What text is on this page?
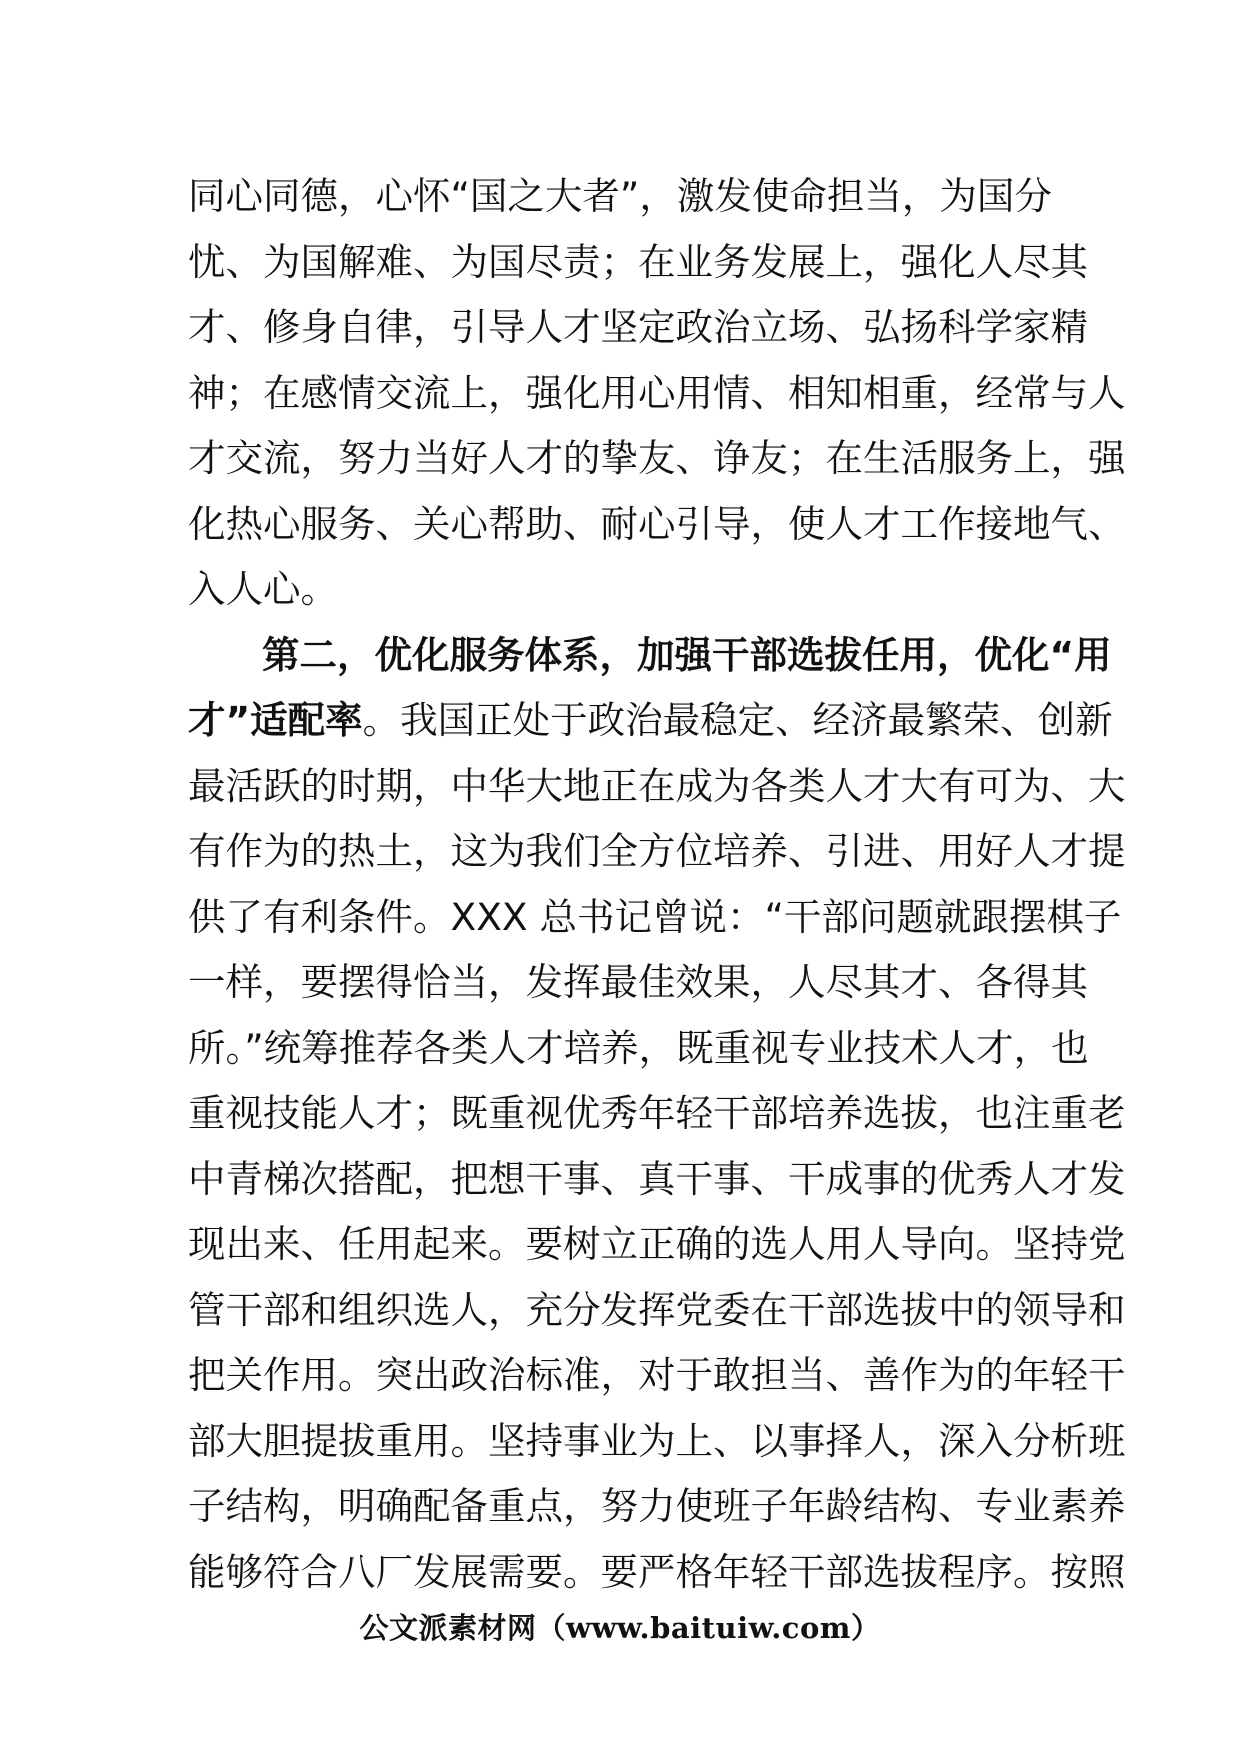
同心同德，心怀“国之大者”，激发使命担当，为国分
忧、为国解难、为国尽责；在业务发展上，强化人尽其
才、修身自律，引导人才坚定政治立场、弘扬科学家精
神；在感情交流上，强化用心用情、相知相重，经常与人
才交流，努力当好人才的挚友、诤友；在生活服务上，强
化热心服务、关心帮助、耐心引导，使人才工作接地气、
入人心。
第二，优化服务体系，加强干部选拔任用，优化“用
才”适配率。我国正处于政治最稳定、经济最繁荣、创新
最活跃的时期，中华大地正在成为各类人才大有可为、大
有作为的热土，这为我们全方位培养、引进、用好人才提
供了有利条件。XXX 总书记曾说：“干部问题就跟摆棋子
一样，要摆得恰当，发挥最佳效果，人尽其才、各得其
所。”统筹推荐各类人才培养，既重视专业技术人才，也
重视技能人才；既重视优秀年轻干部培养选拔，也注重老
中青梯次搭配，把想干事、真干事、干成事的优秀人才发
现出来、任用起来。要树立正确的选人用人导向。坚持党
管干部和组织选人，充分发挥党委在干部选拔中的领导和
把关作用。突出政治标准，对于敢担当、善作为的年轻干
部大胆提拔重用。坚持事业为上、以事择人，深入分析班
子结构，明确配备重点，努力使班子年龄结构、专业素养
能够符合八厂发展需要。要严格年轻干部选拔程序。按照
公文派素材网（www.baituiw.com）
